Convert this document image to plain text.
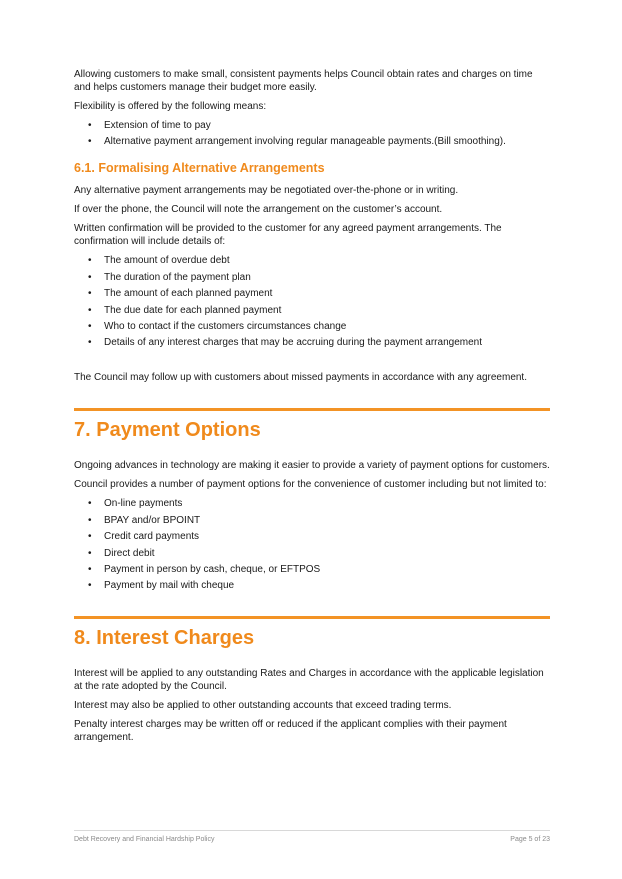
Allowing customers to make small, consistent payments helps Council obtain rates and charges on time and helps customers manage their budget more easily.

Flexibility is offered by the following means:

• Extension of time to pay
• Alternative payment arrangement involving regular manageable payments.(Bill smoothing).
6.1. Formalising Alternative Arrangements

Any alternative payment arrangements may be negotiated over-the-phone or in writing.

If over the phone, the Council will note the arrangement on the customer’s account.

Written confirmation will be provided to the customer for any agreed payment arrangements. The confirmation will include details of:

• The amount of overdue debt
• The duration of the payment plan
• The amount of each planned payment
• The due date for each planned payment
• Who to contact if the customers circumstances change
• Details of any interest charges that may be accruing during the payment arrangement

The Council may follow up with customers about missed payments in accordance with any agreement.

7. Payment Options

Ongoing advances in technology are making it easier to provide a variety of payment options for customers.

Council provides a number of payment options for the convenience of customer including but not limited to:

• On-line payments
• BPAY and/or BPOINT
• Credit card payments
• Direct debit
• Payment in person by cash, cheque, or EFTPOS
• Payment by mail with cheque
8. Interest Charges

Interest will be applied to any outstanding Rates and Charges in accordance with the applicable legislation at the rate adopted by the Council.

Interest may also be applied to other outstanding accounts that exceed trading terms.

Penalty interest charges may be written off or reduced if the applicant complies with their payment arrangement.

Debt Recovery and Financial Hardship Policy	Page 5 of 23
